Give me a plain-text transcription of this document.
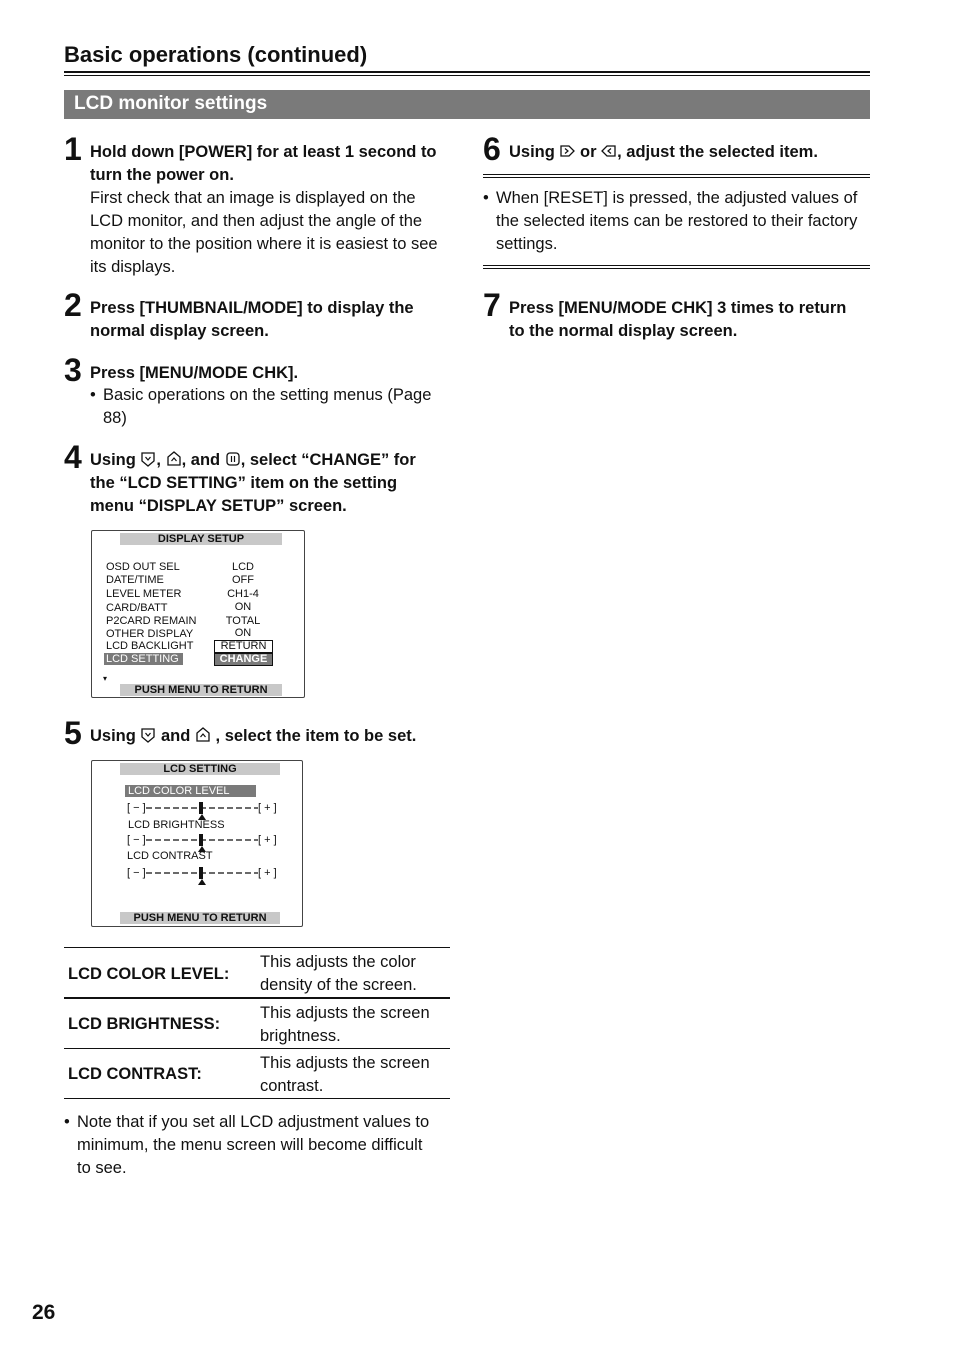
Basic operations (continued)
LCD monitor settings
1 Hold down [POWER] for at least 1 second to
turn the power on.
First check that an image is displayed on the
LCD monitor, and then adjust the angle of the
monitor to the position where it is easiest to see
its displays.
2 Press [THUMBNAIL/MODE] to display the
normal display screen.
3 Press [MENU/MODE CHK].
• Basic operations on the setting menus (Page
88)
4 Using , , and , select “CHANGE” for
the “LCD SETTING” item on the setting
menu “DISPLAY SETUP” screen.
DISPLAY SETUP
OSD OUT SEL	LCD
DATE/TIME	OFF
LEVEL METER	CH1-4
CARD/BATT	ON
P2CARD REMAIN	TOTAL
OTHER DISPLAY	ON
LCD BACKLIGHT	RETURN
LCD SETTING	CHANGE
▾
PUSH MENU TO RETURN
5 Using  and  , select the item to be set.
LCD SETTING
LCD COLOR LEVEL
[ − ]	[ + ]
LCD BRIGHTNESS
[ − ]	[ + ]
LCD CONTRAST
[ − ]	[ + ]
PUSH MENU TO RETURN
LCD COLOR LEVEL:
This adjusts the color
density of the screen.
LCD BRIGHTNESS:
This adjusts the screen
brightness.
LCD CONTRAST:
This adjusts the screen
contrast.
• Note that if you set all LCD adjustment values to
minimum, the menu screen will become difficult
to see.
6 Using  or , adjust the selected item.
• When [RESET] is pressed, the adjusted values of
the selected items can be restored to their factory
settings.
7 Press [MENU/MODE CHK] 3 times to return
to the normal display screen.
26
